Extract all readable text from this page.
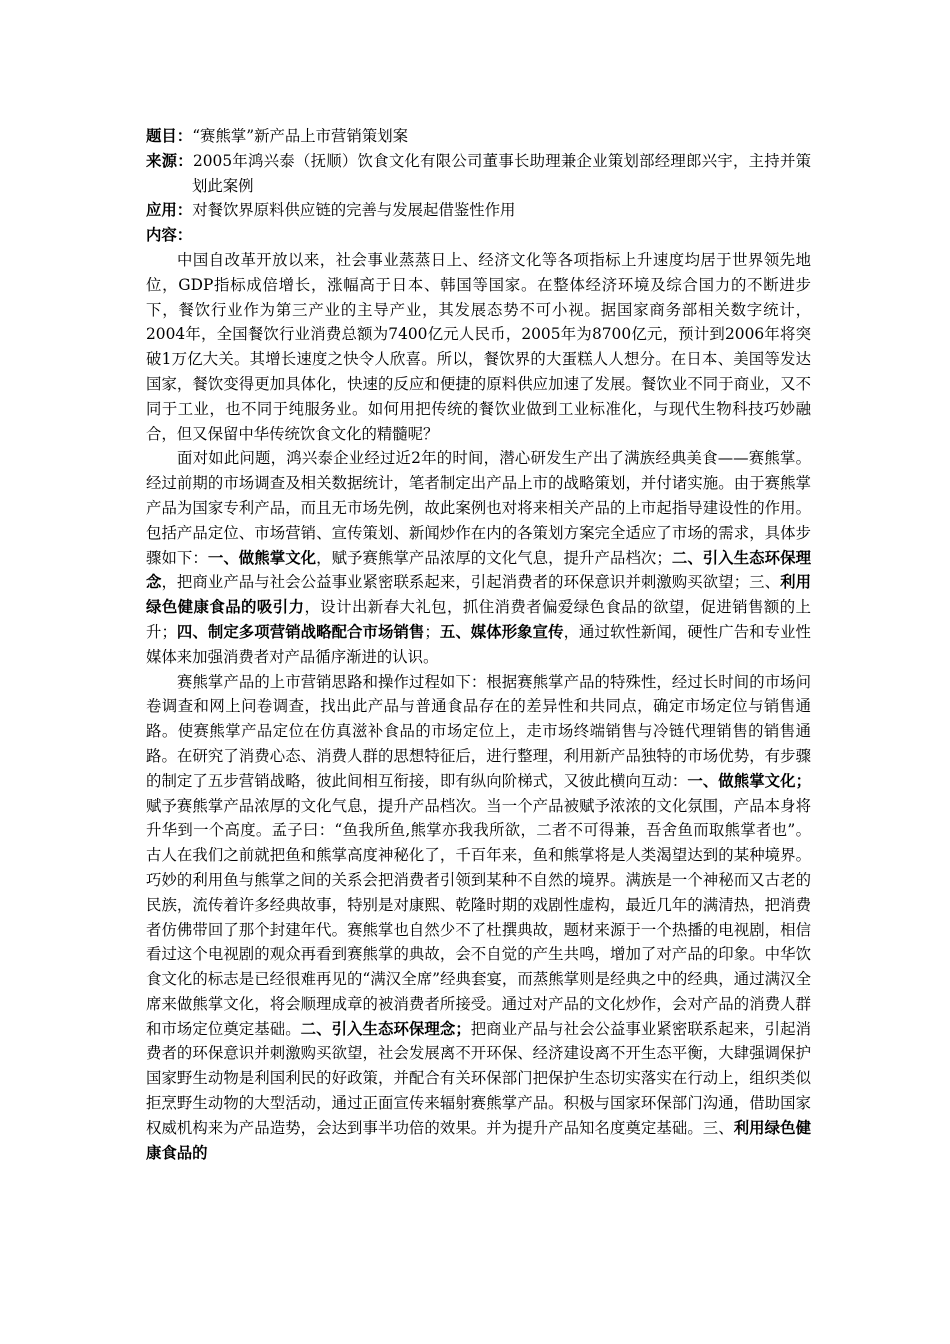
题目：“赛熊掌”新产品上市营销策划案

来源：2005年鸿兴泰（抚顺）饮食文化有限公司董事长助理兼企业策划部经理郎兴宇，主持并策划此案例

应用：对餐饮界原料供应链的完善与发展起借鉴性作用

内容：

中国自改革开放以来，社会事业蒸蒸日上、经济文化等各项指标上升速度均居于世界领先地位，GDP指标成倍增长，涨幅高于日本、韩国等国家。在整体经济环境及综合国力的不断进步下，餐饮行业作为第三产业的主导产业，其发展态势不可小视。据国家商务部相关数字统计，2004年，全国餐饮行业消费总额为7400亿元人民币，2005年为8700亿元，预计到2006年将突破1万亿大关。其增长速度之快令人欣喜。所以，餐饮界的大蛋糕人人想分。在日本、美国等发达国家，餐饮变得更加具体化，快速的反应和便捷的原料供应加速了发展。餐饮业不同于商业，又不同于工业，也不同于纯服务业。如何用把传统的餐饮业做到工业标准化，与现代生物科技巧妙融合，但又保留中华传统饮食文化的精髓呢？

面对如此问题，鸿兴泰企业经过近2年的时间，潜心研发生产出了满族经典美食——赛熊掌。经过前期的市场调查及相关数据统计，笔者制定出产品上市的战略策划，并付诸实施。由于赛熊掌产品为国家专利产品，而且无市场先例，故此案例也对将来相关产品的上市起指导建设性的作用。包括产品定位、市场营销、宣传策划、新闻炒作在内的各策划方案完全适应了市场的需求，具体步骤如下：一、做熊掌文化，赋予赛熊掌产品浓厚的文化气息，提升产品档次；二、引入生态环保理念，把商业产品与社会公益事业紧密联系起来，引起消费者的环保意识并刺激购买欲望；三、利用绿色健康食品的吸引力，设计出新春大礼包，抓住消费者偏爱绿色食品的欲望，促进销售额的上升；四、制定多项营销战略配合市场销售；五、媒体形象宣传，通过软性新闻，硬性广告和专业性媒体来加强消费者对产品循序渐进的认识。

赛熊掌产品的上市营销思路和操作过程如下：根据赛熊掌产品的特殊性，经过长时间的市场问卷调查和网上问卷调查，找出此产品与普通食品存在的差异性和共同点，确定市场定位与销售通路。使赛熊掌产品定位在仿真滋补食品的市场定位上，走市场终端销售与冷链代理销售的销售通路。在研究了消费心态、消费人群的思想特征后，进行整理，利用新产品独特的市场优势，有步骤的制定了五步营销战略，彼此间相互衔接，即有纵向阶梯式，又彼此横向互动：一、做熊掌文化；赋予赛熊掌产品浓厚的文化气息，提升产品档次。当一个产品被赋予浓浓的文化氛围，产品本身将升华到一个高度。孟子曰：“鱼我所鱼,熊掌亦我我所欲，二者不可得兼，吾舍鱼而取熊掌者也”。古人在我们之前就把鱼和熊掌高度神秘化了，千百年来，鱼和熊掌将是人类渴望达到的某种境界。巧妙的利用鱼与熊掌之间的关系会把消费者引领到某种不自然的境界。满族是一个神秘而又古老的民族，流传着许多经典故事，特别是对康熙、乾隆时期的戏剧性虚构，最近几年的满清热，把消费者仿佛带回了那个封建年代。赛熊掌也自然少不了杜撰典故，题材来源于一个热播的电视剧，相信看过这个电视剧的观众再看到赛熊掌的典故，会不自觉的产生共鸣，增加了对产品的印象。中华饮食文化的标志是已经很难再见的“满汉全席”经典套宴，而蒸熊掌则是经典之中的经典，通过满汉全席来做熊掌文化，将会顺理成章的被消费者所接受。通过对产品的文化炒作，会对产品的消费人群和市场定位奠定基础。二、引入生态环保理念；把商业产品与社会公益事业紧密联系起来，引起消费者的环保意识并刺激购买欲望，社会发展离不开环保、经济建设离不开生态平衡，大肆强调保护国家野生动物是利国利民的好政策，并配合有关环保部门把保护生态切实落实在行动上，组织类似拒烹野生动物的大型活动，通过正面宣传来辐射赛熊掌产品。积极与国家环保部门沟通，借助国家权威机构来为产品造势，会达到事半功倍的效果。并为提升产品知名度奠定基础。三、利用绿色健康食品的
